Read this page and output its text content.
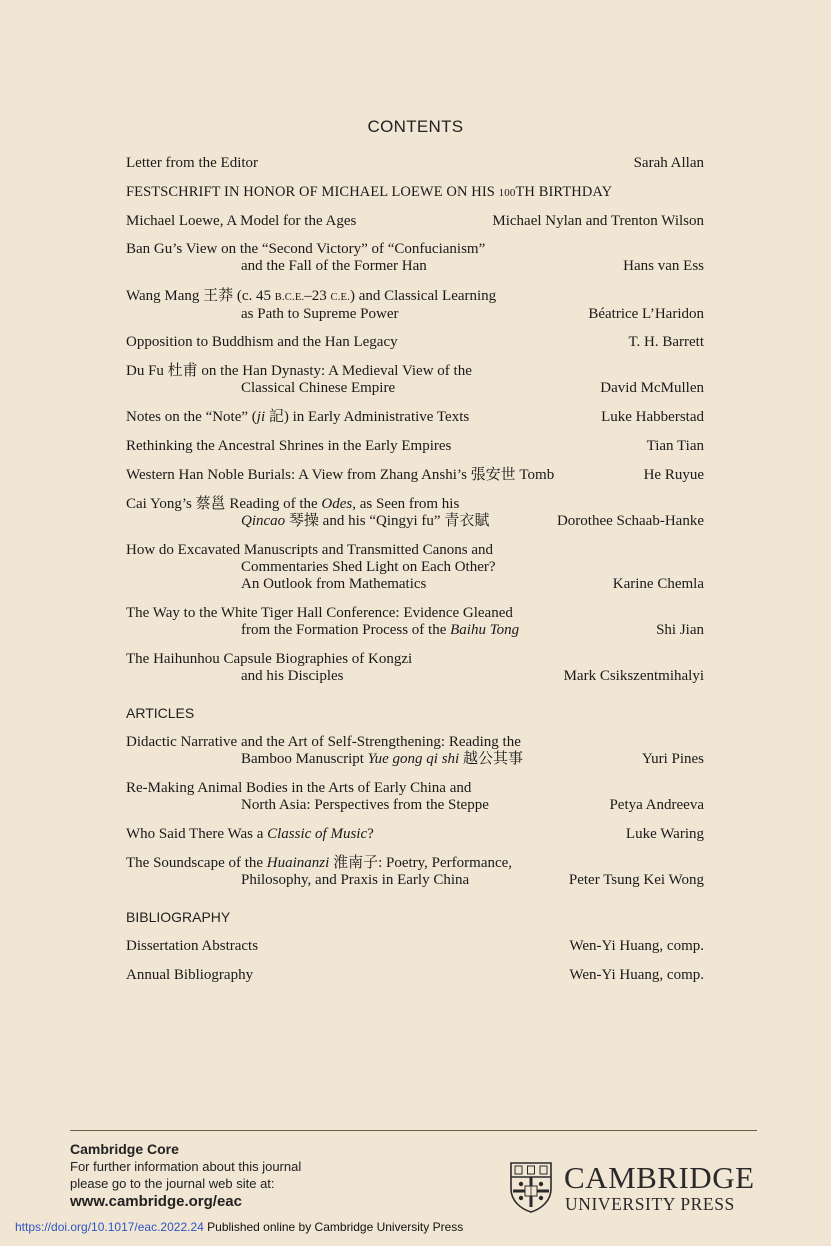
CONTENTS
Letter from the Editor	Sarah Allan
FESTSCHRIFT IN HONOR OF MICHAEL LOEWE ON HIS 100TH BIRTHDAY
Michael Loewe, A Model for the Ages	Michael Nylan and Trenton Wilson
Ban Gu’s View on the “Second Victory” of “Confucianism”
and the Fall of the Former Han	Hans van Ess
Wang Mang 王莽 (c. 45 B.C.E.–23 C.E.) and Classical Learning
as Path to Supreme Power	Béatrice L’Haridon
Opposition to Buddhism and the Han Legacy	T. H. Barrett
Du Fu 杜甫 on the Han Dynasty: A Medieval View of the
Classical Chinese Empire	David McMullen
Notes on the “Note” (ji 記) in Early Administrative Texts	Luke Habberstad
Rethinking the Ancestral Shrines in the Early Empires	Tian Tian
Western Han Noble Burials: A View from Zhang Anshi’s 張安世 Tomb	He Ruyue
Cai Yong’s 蔡邕 Reading of the Odes, as Seen from his
Qincao 琴操 and his “Qingyi fu” 青衣賦	Dorothee Schaab-Hanke
How do Excavated Manuscripts and Transmitted Canons and
Commentaries Shed Light on Each Other?
An Outlook from Mathematics	Karine Chemla
The Way to the White Tiger Hall Conference: Evidence Gleaned
from the Formation Process of the Baihu Tong	Shi Jian
The Haihunhou Capsule Biographies of Kongzi
and his Disciples	Mark Csikszentmihalyi
ARTICLES
Didactic Narrative and the Art of Self-Strengthening: Reading the
Bamboo Manuscript Yue gong qi shi 越公其事	Yuri Pines
Re-Making Animal Bodies in the Arts of Early China and
North Asia: Perspectives from the Steppe	Petya Andreeva
Who Said There Was a Classic of Music?	Luke Waring
The Soundscape of the Huainanzi 淮南子: Poetry, Performance,
Philosophy, and Praxis in Early China	Peter Tsung Kei Wong
BIBLIOGRAPHY
Dissertation Abstracts	Wen-Yi Huang, comp.
Annual Bibliography	Wen-Yi Huang, comp.
Cambridge Core
For further information about this journal
please go to the journal web site at:
www.cambridge.org/eac
CAMBRIDGE
UNIVERSITY PRESS
https://doi.org/10.1017/eac.2022.24 Published online by Cambridge University Press
